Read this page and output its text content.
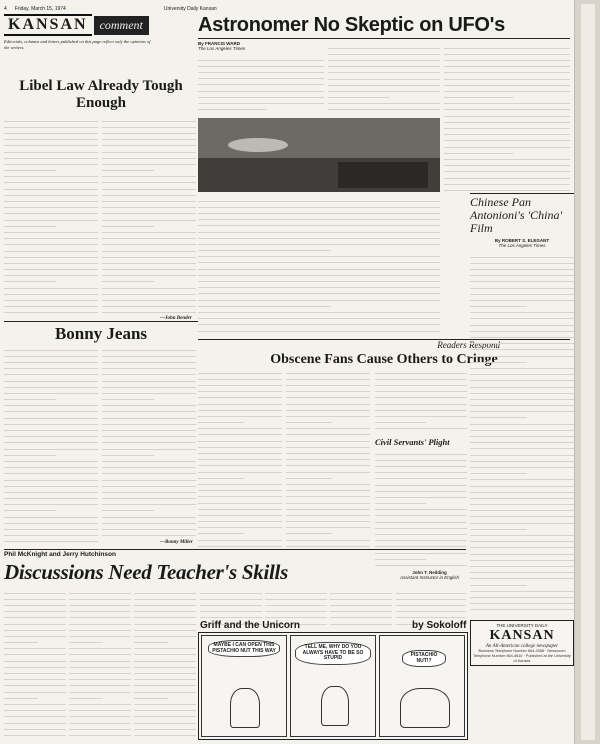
4 Friday, March 15, 1974	University Daily Kansan
KANSAN	comment
Editorials, columns and letters published on this page reflect only the opinions of the writers.
Astronomer No Skeptic on UFO's
By FRANCIS WARD
The Los Angeles Times
Libel Law Already Tough Enough
—John Bender
Bonny Jeans
—Bonny Miller
Readers Respond
Obscene Fans Cause Others to Cringe
Civil Servants' Plight
John T. Neilding
Assistant Instructor in English
Chinese Pan Antonioni's 'China' Film
By ROBERT S. ELEGANT
The Los Angeles Times
Phil McKnight and Jerry Hutchinson
Discussions Need Teacher's Skills
Griff and the Unicorn	by Sokoloff
MAYBE I CAN OPEN THIS PISTACHIO NUT THIS WAY
TELL ME, WHY DO YOU ALWAYS HAVE TO BE SO STUPID
PISTACHIO NUT!?
THE UNIVERSITY DAILY
KANSAN
An All-American college newspaper
Business Telephone Number 864-4358 · Newsroom Telephone Number 864-4810 · Published at the University of Kansas
